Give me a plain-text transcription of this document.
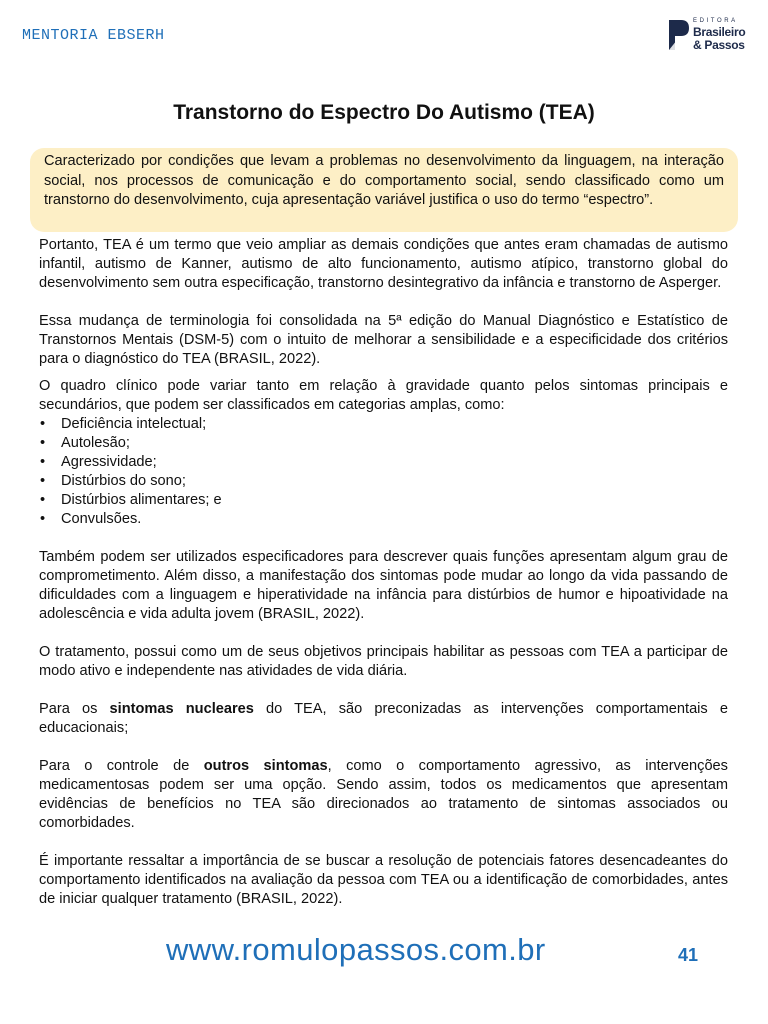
MENTORIA EBSERH
EDITORA
Brasileiro
& Passos
Transtorno do Espectro Do Autismo (TEA)

Caracterizado por condições que levam a problemas no desenvolvimento da linguagem, na interação social, nos processos de comunicação e do comportamento social, sendo classificado como um transtorno do desenvolvimento, cuja apresentação variável justifica o uso do termo “espectro”.

Portanto, TEA é um termo que veio ampliar as demais condições que antes eram chamadas de autismo infantil, autismo de Kanner, autismo de alto funcionamento, autismo atípico, transtorno global do desenvolvimento sem outra especificação, transtorno desintegrativo da infância e transtorno de Asperger.

Essa mudança de terminologia foi consolidada na 5ª edição do Manual Diagnóstico e Estatístico de Transtornos Mentais (DSM-5) com o intuito de melhorar a sensibilidade e a especificidade dos critérios para o diagnóstico do TEA (BRASIL, 2022).

O quadro clínico pode variar tanto em relação à gravidade quanto pelos sintomas principais e secundários, que podem ser classificados em categorias amplas, como:

• Deficiência intelectual;
• Autolesão;
• Agressividade;
• Distúrbios do sono;
• Distúrbios alimentares; e
• Convulsões.

Também podem ser utilizados especificadores para descrever quais funções apresentam algum grau de comprometimento. Além disso, a manifestação dos sintomas pode mudar ao longo da vida passando de dificuldades com a linguagem e hiperatividade na infância para distúrbios de humor e hipoatividade na adolescência e vida adulta jovem (BRASIL, 2022).

O tratamento, possui como um de seus objetivos principais habilitar as pessoas com TEA a participar de modo ativo e independente nas atividades de vida diária.

Para os sintomas nucleares do TEA, são preconizadas as intervenções comportamentais e educacionais;

Para o controle de outros sintomas, como o comportamento agressivo, as intervenções medicamentosas podem ser uma opção. Sendo assim, todos os medicamentos que apresentam evidências de benefícios no TEA são direcionados ao tratamento de sintomas associados ou comorbidades.

É importante ressaltar a importância de se buscar a resolução de potenciais fatores desencadeantes do comportamento identificados na avaliação da pessoa com TEA ou a identificação de comorbidades, antes de iniciar qualquer tratamento (BRASIL, 2022).

www.romulopassos.com.br	41
